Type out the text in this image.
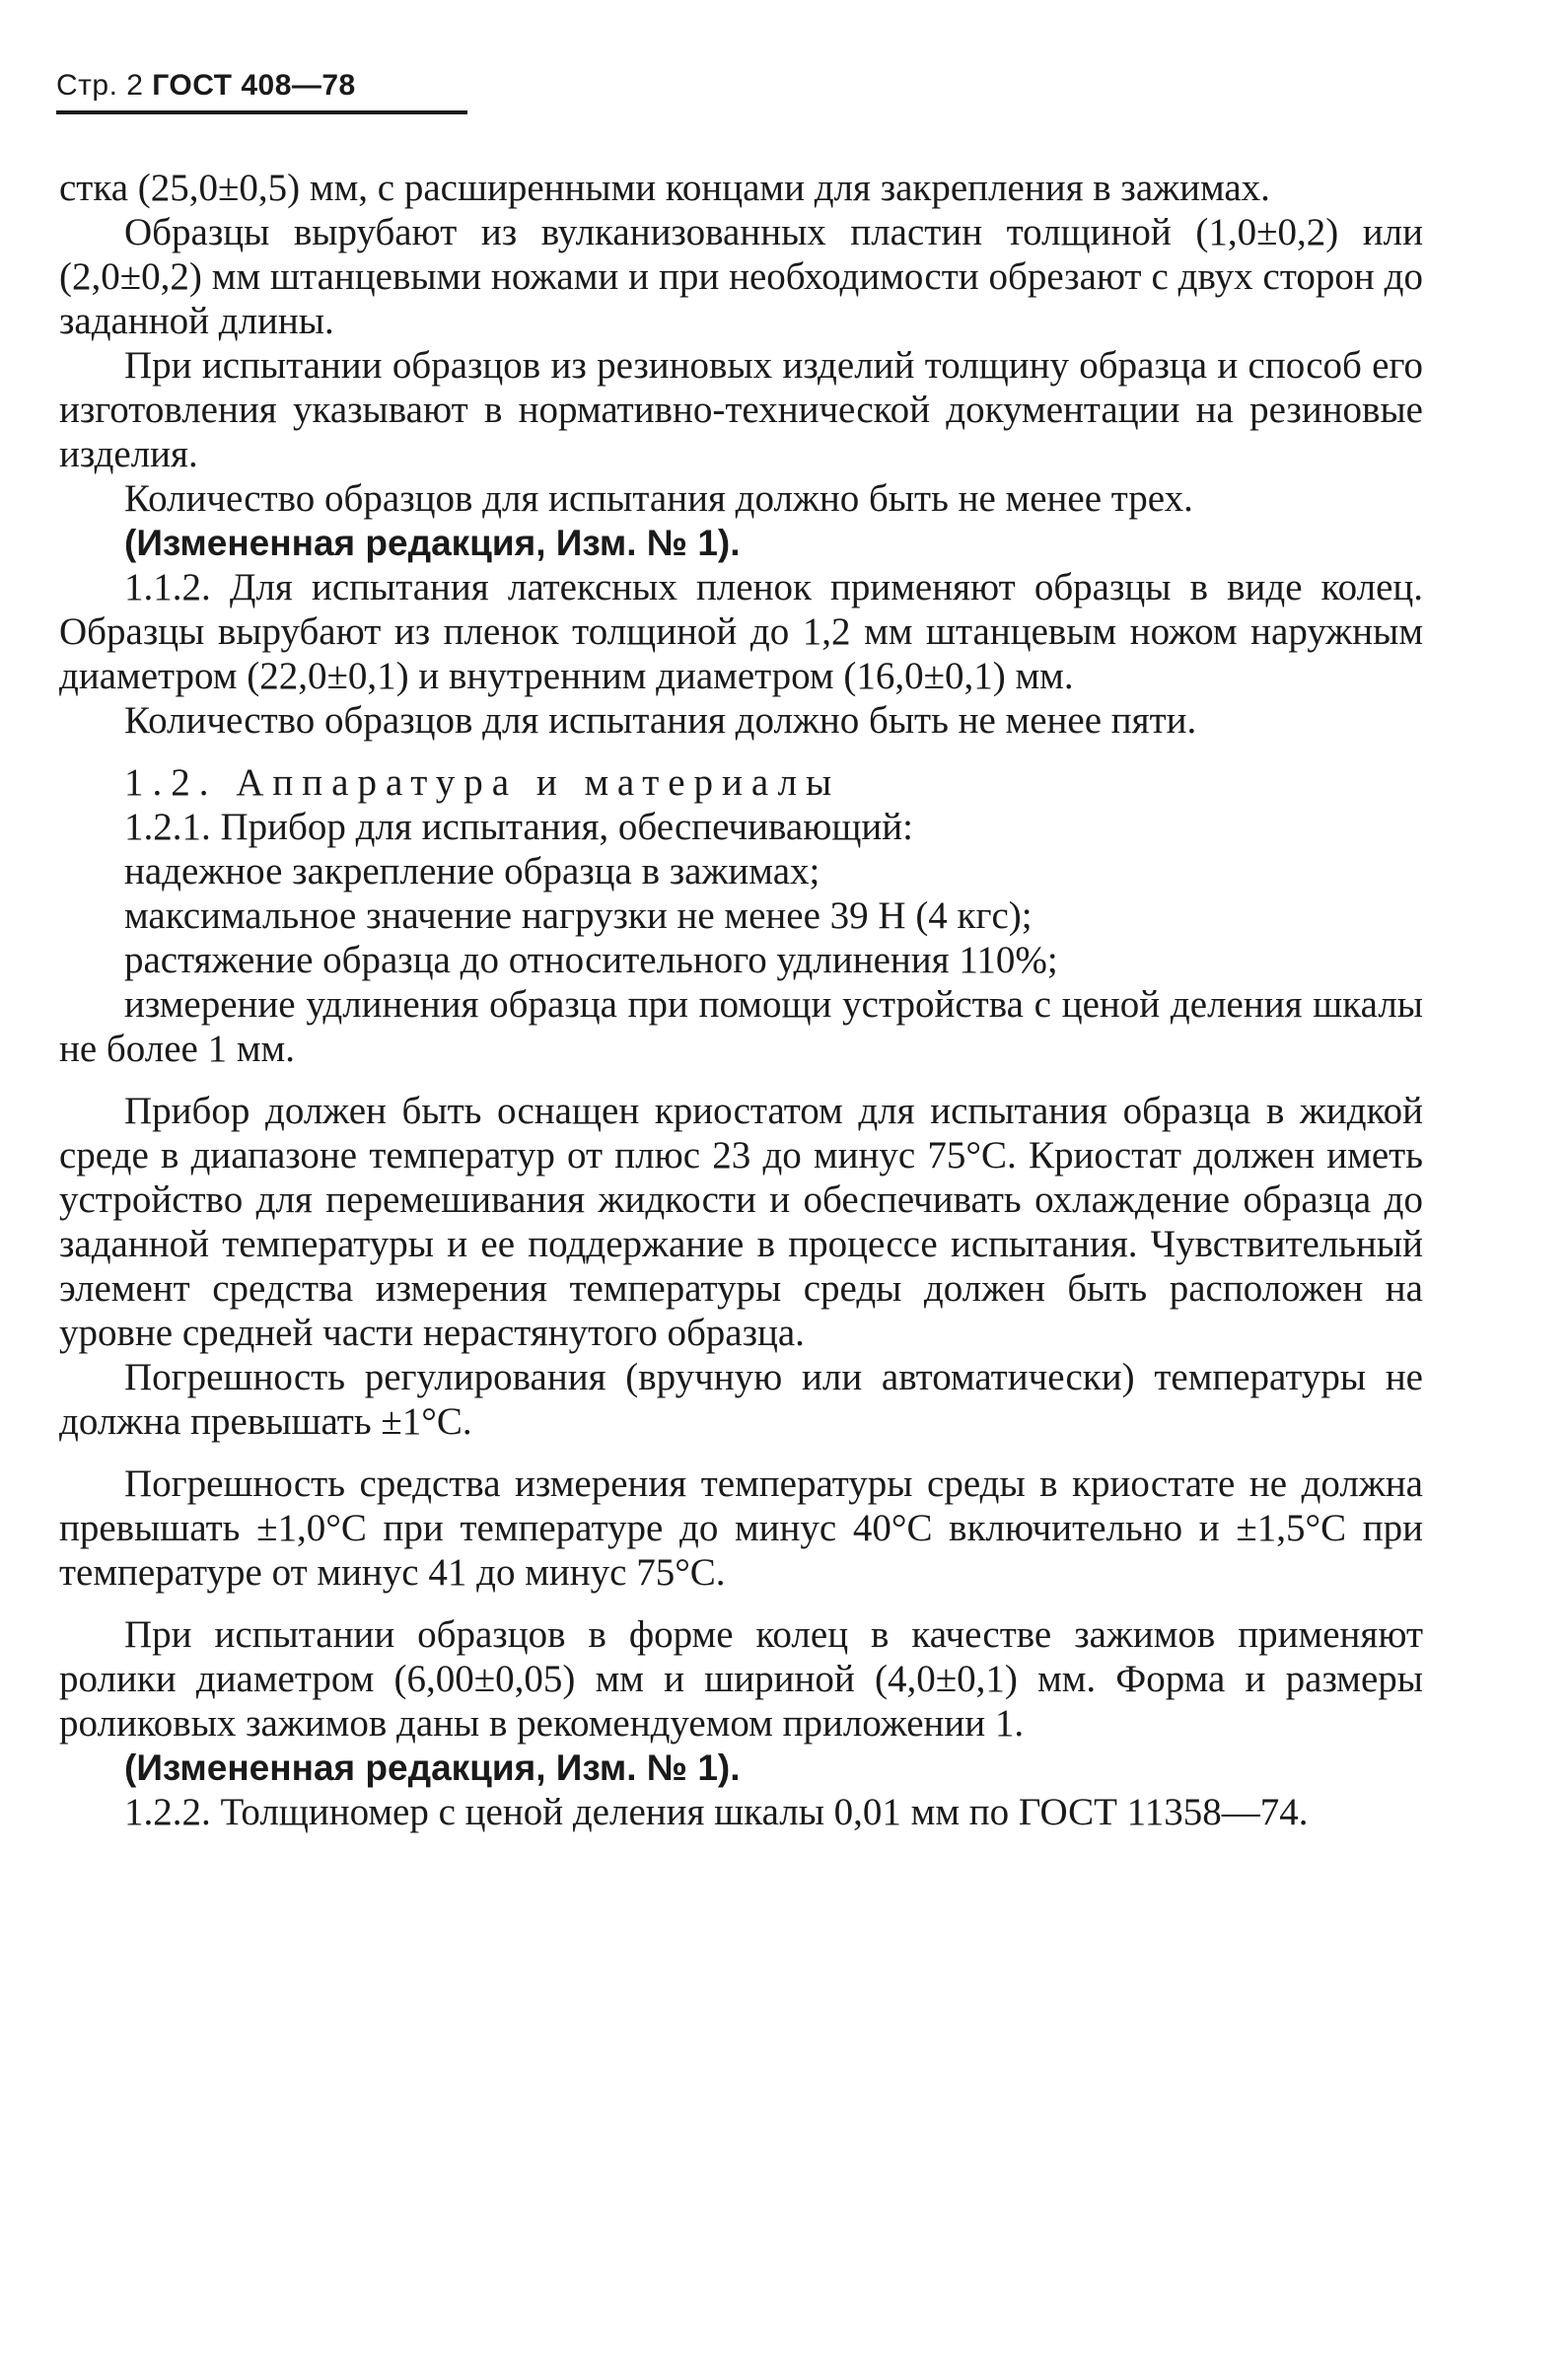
Стр. 2 ГОСТ 408—78

стка (25,0±0,5) мм, с расширенными концами для закрепления в зажимах.

Образцы вырубают из вулканизованных пластин толщиной (1,0±0,2) или (2,0±0,2) мм штанцевыми ножами и при необходимости обрезают с двух сторон до заданной длины.

При испытании образцов из резиновых изделий толщину образца и способ его изготовления указывают в нормативно-технической документации на резиновые изделия.

Количество образцов для испытания должно быть не менее трех.

(Измененная редакция, Изм. № 1).

1.1.2. Для испытания латексных пленок применяют образцы в виде колец. Образцы вырубают из пленок толщиной до 1,2 мм штанцевым ножом наружным диаметром (22,0±0,1) и внутренним диаметром (16,0±0,1) мм.

Количество образцов для испытания должно быть не менее пяти.

1.2. Аппаратура и материалы

1.2.1. Прибор для испытания, обеспечивающий:

надежное закрепление образца в зажимах;

максимальное значение нагрузки не менее 39 Н (4 кгс);

растяжение образца до относительного удлинения 110%;

измерение удлинения образца при помощи устройства с ценой деления шкалы не более 1 мм.

Прибор должен быть оснащен криостатом для испытания образца в жидкой среде в диапазоне температур от плюс 23 до минус 75°С. Криостат должен иметь устройство для перемешивания жидкости и обеспечивать охлаждение образца до заданной температуры и ее поддержание в процессе испытания. Чувствительный элемент средства измерения температуры среды должен быть расположен на уровне средней части нерастянутого образца.

Погрешность регулирования (вручную или автоматически) температуры не должна превышать ±1°С.

Погрешность средства измерения температуры среды в криостате не должна превышать ±1,0°С при температуре до минус 40°С включительно и ±1,5°С при температуре от минус 41 до минус 75°С.

При испытании образцов в форме колец в качестве зажимов применяют ролики диаметром (6,00±0,05) мм и шириной (4,0±0,1) мм. Форма и размеры роликовых зажимов даны в рекомендуемом приложении 1.

(Измененная редакция, Изм. № 1).

1.2.2. Толщиномер с ценой деления шкалы 0,01 мм по ГОСТ 11358—74.
